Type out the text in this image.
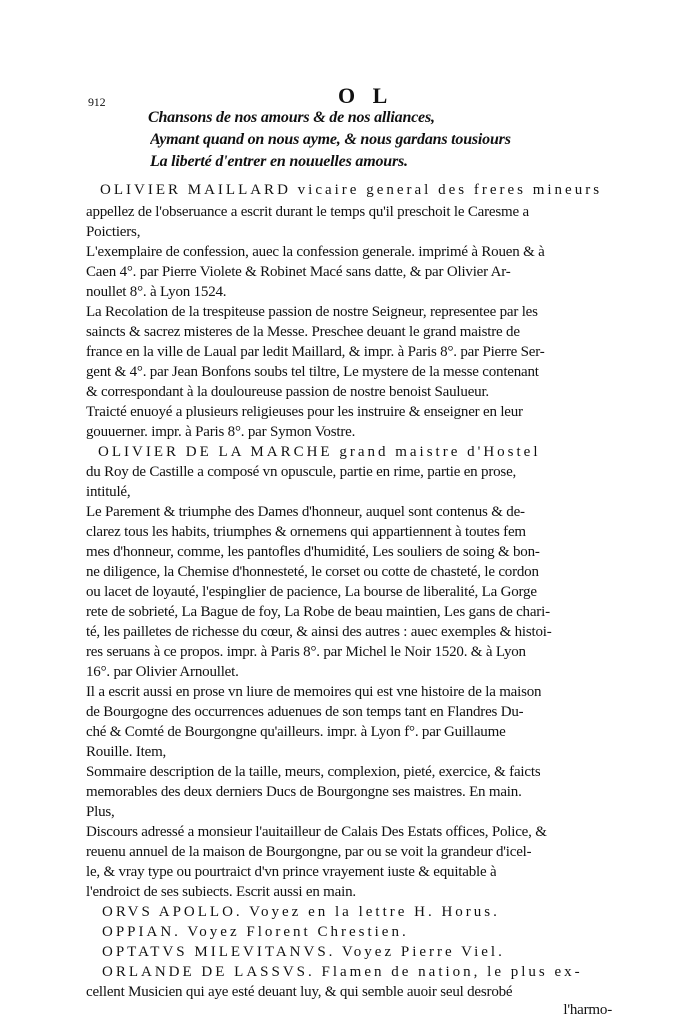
912	O L
Chansons de nos amours & de nos alliances,
Aymant quand on nous ayme, & nous gardans tousiours
La liberté d'entrer en nouuelles amours.
OLIVIER MAILLARD vicaire general des freres mineurs
appellez de l'obseruance a escrit durant le temps qu'il preschoit le Caresme a
Poictiers,
L'exemplaire de confession, auec la confession generale. imprimé à Rouen & à
Caen 4°. par Pierre Violete & Robinet Macé sans datte, & par Olivier Ar-
noullet 8°. à Lyon 1524.
La Recolation de la trespiteuse passion de nostre Seigneur, representee par les
saincts & sacrez misteres de la Messe. Preschee deuant le grand maistre de
france en la ville de Laual par ledit Maillard, & impr. à Paris 8°. par Pierre Ser-
gent & 4°. par Jean Bonfons soubs tel tiltre, Le mystere de la messe contenant
& correspondant à la douloureuse passion de nostre benoist Saulueur.
Traicté enuoyé a plusieurs religieuses pour les instruire & enseigner en leur
gouuerner. impr. à Paris 8°. par Symon Vostre.
OLIVIER DE LA MARCHE grand maistre d'Hostel
du Roy de Castille a composé vn opuscule, partie en rime, partie en prose,
intitulé,
Le Parement & triumphe des Dames d'honneur, auquel sont contenus & de-
clarez tous les habits, triumphes & ornemens qui appartiennent à toutes fem
mes d'honneur, comme, les pantofles d'humidité, Les souliers de soing & bon-
ne diligence, la Chemise d'honnesteté, le corset ou cotte de chasteté, le cordon
ou lacet de loyauté, l'espinglier de pacience, La bourse de liberalité, La Gorge
rete de sobrieté, La Bague de foy, La Robe de beau maintien, Les gans de chari-
té, les pailletes de richesse du cœur, & ainsi des autres : auec exemples & histoi-
res seruans à ce propos. impr. à Paris 8°. par Michel le Noir 1520. & à Lyon
16°. par Olivier Arnoullet.
Il a escrit aussi en prose vn liure de memoires qui est vne histoire de la maison
de Bourgogne des occurrences aduenues de son temps tant en Flandres Du-
ché & Comté de Bourgongne qu'ailleurs. impr. à Lyon f°. par Guillaume
Rouille. Item,
Sommaire description de la taille, meurs, complexion, pieté, exercice, & faicts
memorables des deux derniers Ducs de Bourgongne ses maistres. En main.
Plus,
Discours adressé a monsieur l'auitailleur de Calais Des Estats offices, Police, &
reuenu annuel de la maison de Bourgongne, par ou se voit la grandeur d'icel-
le, & vray type ou pourtraict d'vn prince vrayement iuste & equitable à
l'endroict de ses subiects. Escrit aussi en main.
ORVS APOLLO. Voyez en la lettre H. Horus.
OPPIAN. Voyez Florent Chrestien.
OPTATVS MILEVITANVS. Voyez Pierre Viel.
ORLANDE DE LASSVS. Flamen de nation, le plus ex-
cellent Musicien qui aye esté deuant luy, & qui semble auoir seul desrobé
l'harmo-
